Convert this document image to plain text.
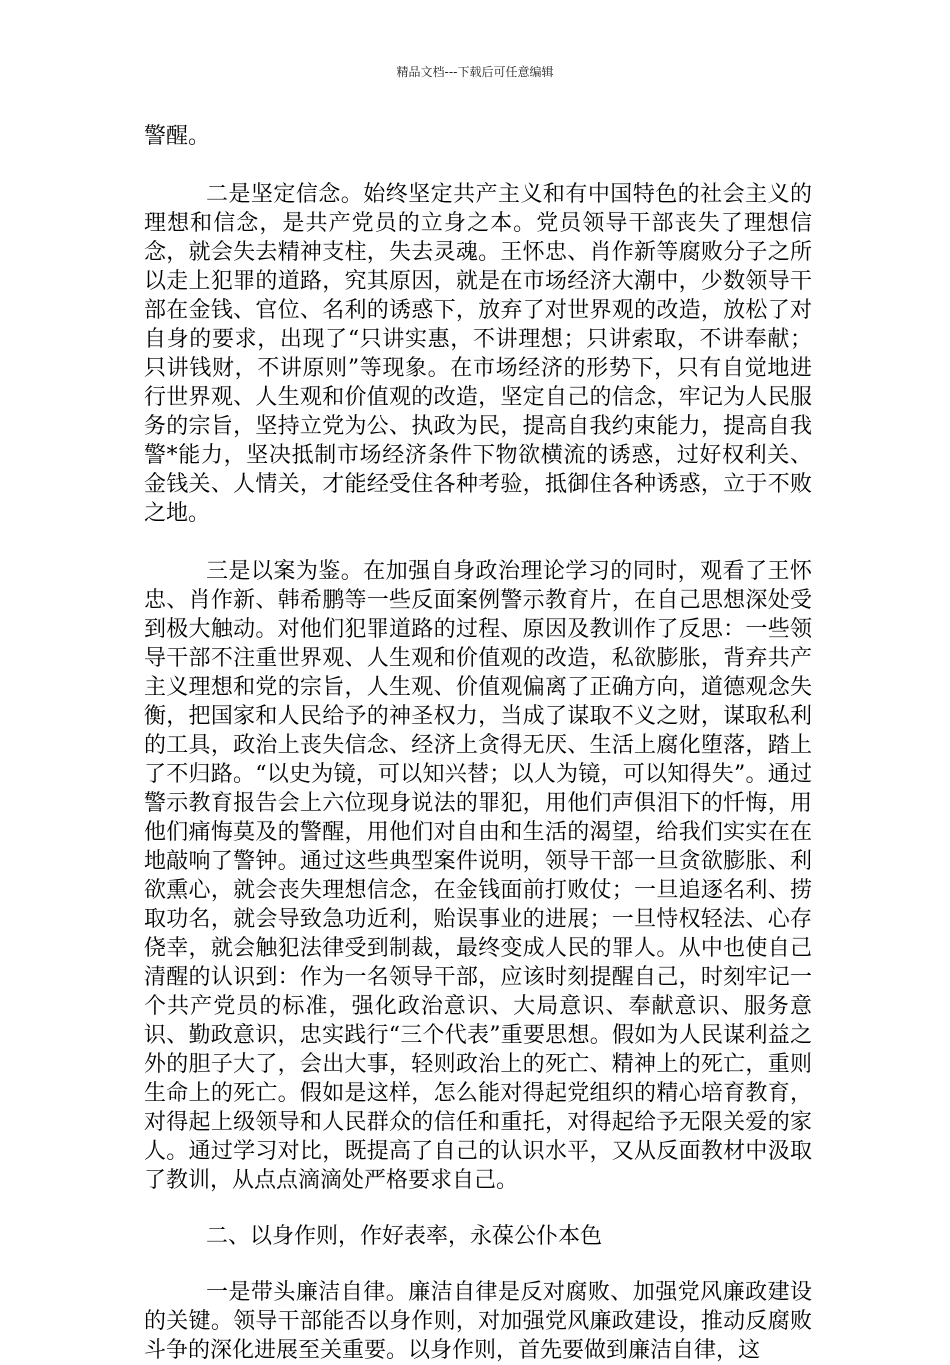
精品文档---下载后可任意编辑

警醒。

二是坚定信念。始终坚定共产主义和有中国特色的社会主义的理想和信念，是共产党员的立身之本。党员领导干部丧失了理想信念，就会失去精神支柱，失去灵魂。王怀忠、肖作新等腐败分子之所以走上犯罪的道路，究其原因，就是在市场经济大潮中，少数领导干部在金钱、官位、名利的诱惑下，放弃了对世界观的改造，放松了对自身的要求，出现了“只讲实惠，不讲理想；只讲索取，不讲奉献；只讲钱财，不讲原则”等现象。在市场经济的形势下，只有自觉地进行世界观、人生观和价值观的改造，坚定自己的信念，牢记为人民服务的宗旨，坚持立党为公、执政为民，提高自我约束能力，提高自我警*能力，坚决抵制市场经济条件下物欲横流的诱惑，过好权利关、金钱关、人情关，才能经受住各种考验，抵御住各种诱惑，立于不败之地。

三是以案为鉴。在加强自身政治理论学习的同时，观看了王怀忠、肖作新、韩希鹏等一些反面案例警示教育片，在自己思想深处受到极大触动。对他们犯罪道路的过程、原因及教训作了反思：一些领导干部不注重世界观、人生观和价值观的改造，私欲膨胀，背弃共产主义理想和党的宗旨，人生观、价值观偏离了正确方向，道德观念失衡，把国家和人民给予的神圣权力，当成了谋取不义之财，谋取私利的工具，政治上丧失信念、经济上贪得无厌、生活上腐化堕落，踏上了不归路。“以史为镜，可以知兴替；以人为镜，可以知得失”。通过警示教育报告会上六位现身说法的罪犯，用他们声俱泪下的忏悔，用他们痛悔莫及的警醒，用他们对自由和生活的渴望，给我们实实在在地敲响了警钟。通过这些典型案件说明，领导干部一旦贪欲膨胀、利欲熏心，就会丧失理想信念，在金钱面前打败仗；一旦追逐名利、捞取功名，就会导致急功近利，贻误事业的进展；一旦恃权轻法、心存侥幸，就会触犯法律受到制裁，最终变成人民的罪人。从中也使自己清醒的认识到：作为一名领导干部，应该时刻提醒自己，时刻牢记一个共产党员的标准，强化政治意识、大局意识、奉献意识、服务意识、勤政意识，忠实践行“三个代表”重要思想。假如为人民谋利益之外的胆子大了，会出大事，轻则政治上的死亡、精神上的死亡，重则生命上的死亡。假如是这样，怎么能对得起党组织的精心培育教育，对得起上级领导和人民群众的信任和重托，对得起给予无限关爱的家人。通过学习对比，既提高了自己的认识水平，又从反面教材中汲取了教训，从点点滴滴处严格要求自己。

二、以身作则，作好表率，永葆公仆本色

一是带头廉洁自律。廉洁自律是反对腐败、加强党风廉政建设的关键。领导干部能否以身作则，对加强党风廉政建设，推动反腐败斗争的深化进展至关重要。以身作则，首先要做到廉洁自律，这
